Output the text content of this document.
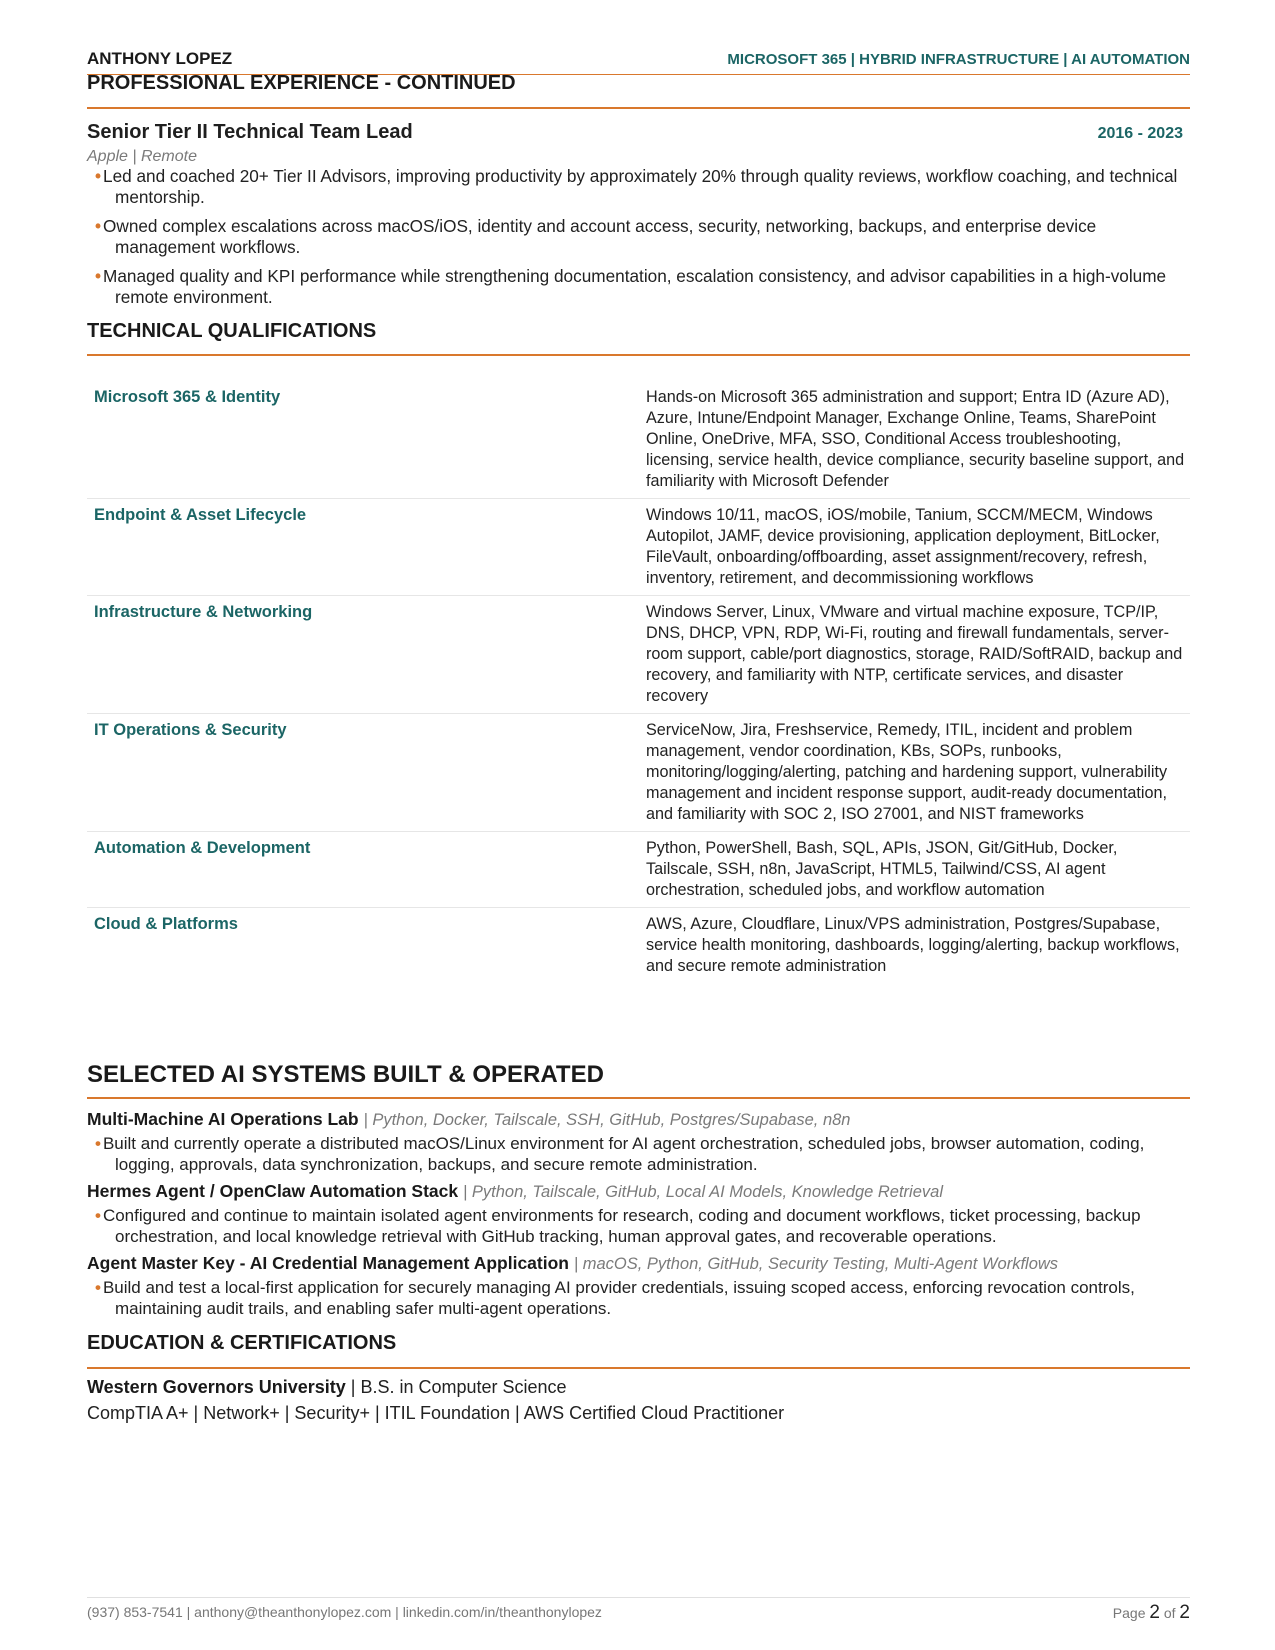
ANTHONY LOPEZ	MICROSOFT 365 | HYBRID INFRASTRUCTURE | AI AUTOMATION
PROFESSIONAL EXPERIENCE - CONTINUED
Senior Tier II Technical Team Lead	2016 - 2023
Apple | Remote
• Led and coached 20+ Tier II Advisors, improving productivity by approximately 20% through quality reviews, workflow coaching, and technical mentorship.
• Owned complex escalations across macOS/iOS, identity and account access, security, networking, backups, and enterprise device management workflows.
• Managed quality and KPI performance while strengthening documentation, escalation consistency, and advisor capabilities in a high-volume remote environment.
TECHNICAL QUALIFICATIONS
Microsoft 365 & Identity	Hands-on Microsoft 365 administration and support; Entra ID (Azure AD), Azure, Intune/Endpoint Manager, Exchange Online, Teams, SharePoint Online, OneDrive, MFA, SSO, Conditional Access troubleshooting, licensing, service health, device compliance, security baseline support, and familiarity with Microsoft Defender
Endpoint & Asset Lifecycle	Windows 10/11, macOS, iOS/mobile, Tanium, SCCM/MECM, Windows Autopilot, JAMF, device provisioning, application deployment, BitLocker, FileVault, onboarding/offboarding, asset assignment/recovery, refresh, inventory, retirement, and decommissioning workflows
Infrastructure & Networking	Windows Server, Linux, VMware and virtual machine exposure, TCP/IP, DNS, DHCP, VPN, RDP, Wi-Fi, routing and firewall fundamentals, server-room support, cable/port diagnostics, storage, RAID/SoftRAID, backup and recovery, and familiarity with NTP, certificate services, and disaster recovery
IT Operations & Security	ServiceNow, Jira, Freshservice, Remedy, ITIL, incident and problem management, vendor coordination, KBs, SOPs, runbooks, monitoring/logging/alerting, patching and hardening support, vulnerability management and incident response support, audit-ready documentation, and familiarity with SOC 2, ISO 27001, and NIST frameworks
Automation & Development	Python, PowerShell, Bash, SQL, APIs, JSON, Git/GitHub, Docker, Tailscale, SSH, n8n, JavaScript, HTML5, Tailwind/CSS, AI agent orchestration, scheduled jobs, and workflow automation
Cloud & Platforms	AWS, Azure, Cloudflare, Linux/VPS administration, Postgres/Supabase, service health monitoring, dashboards, logging/alerting, backup workflows, and secure remote administration
SELECTED AI SYSTEMS BUILT & OPERATED
Multi-Machine AI Operations Lab | Python, Docker, Tailscale, SSH, GitHub, Postgres/Supabase, n8n
• Built and currently operate a distributed macOS/Linux environment for AI agent orchestration, scheduled jobs, browser automation, coding, logging, approvals, data synchronization, backups, and secure remote administration.
Hermes Agent / OpenClaw Automation Stack | Python, Tailscale, GitHub, Local AI Models, Knowledge Retrieval
• Configured and continue to maintain isolated agent environments for research, coding and document workflows, ticket processing, backup orchestration, and local knowledge retrieval with GitHub tracking, human approval gates, and recoverable operations.
Agent Master Key - AI Credential Management Application | macOS, Python, GitHub, Security Testing, Multi-Agent Workflows
• Build and test a local-first application for securely managing AI provider credentials, issuing scoped access, enforcing revocation controls, maintaining audit trails, and enabling safer multi-agent operations.
EDUCATION & CERTIFICATIONS
Western Governors University | B.S. in Computer Science
CompTIA A+ | Network+ | Security+ | ITIL Foundation | AWS Certified Cloud Practitioner
(937) 853-7541 | anthony@theanthonylopez.com | linkedin.com/in/theanthonylopez	Page 2 of 2
